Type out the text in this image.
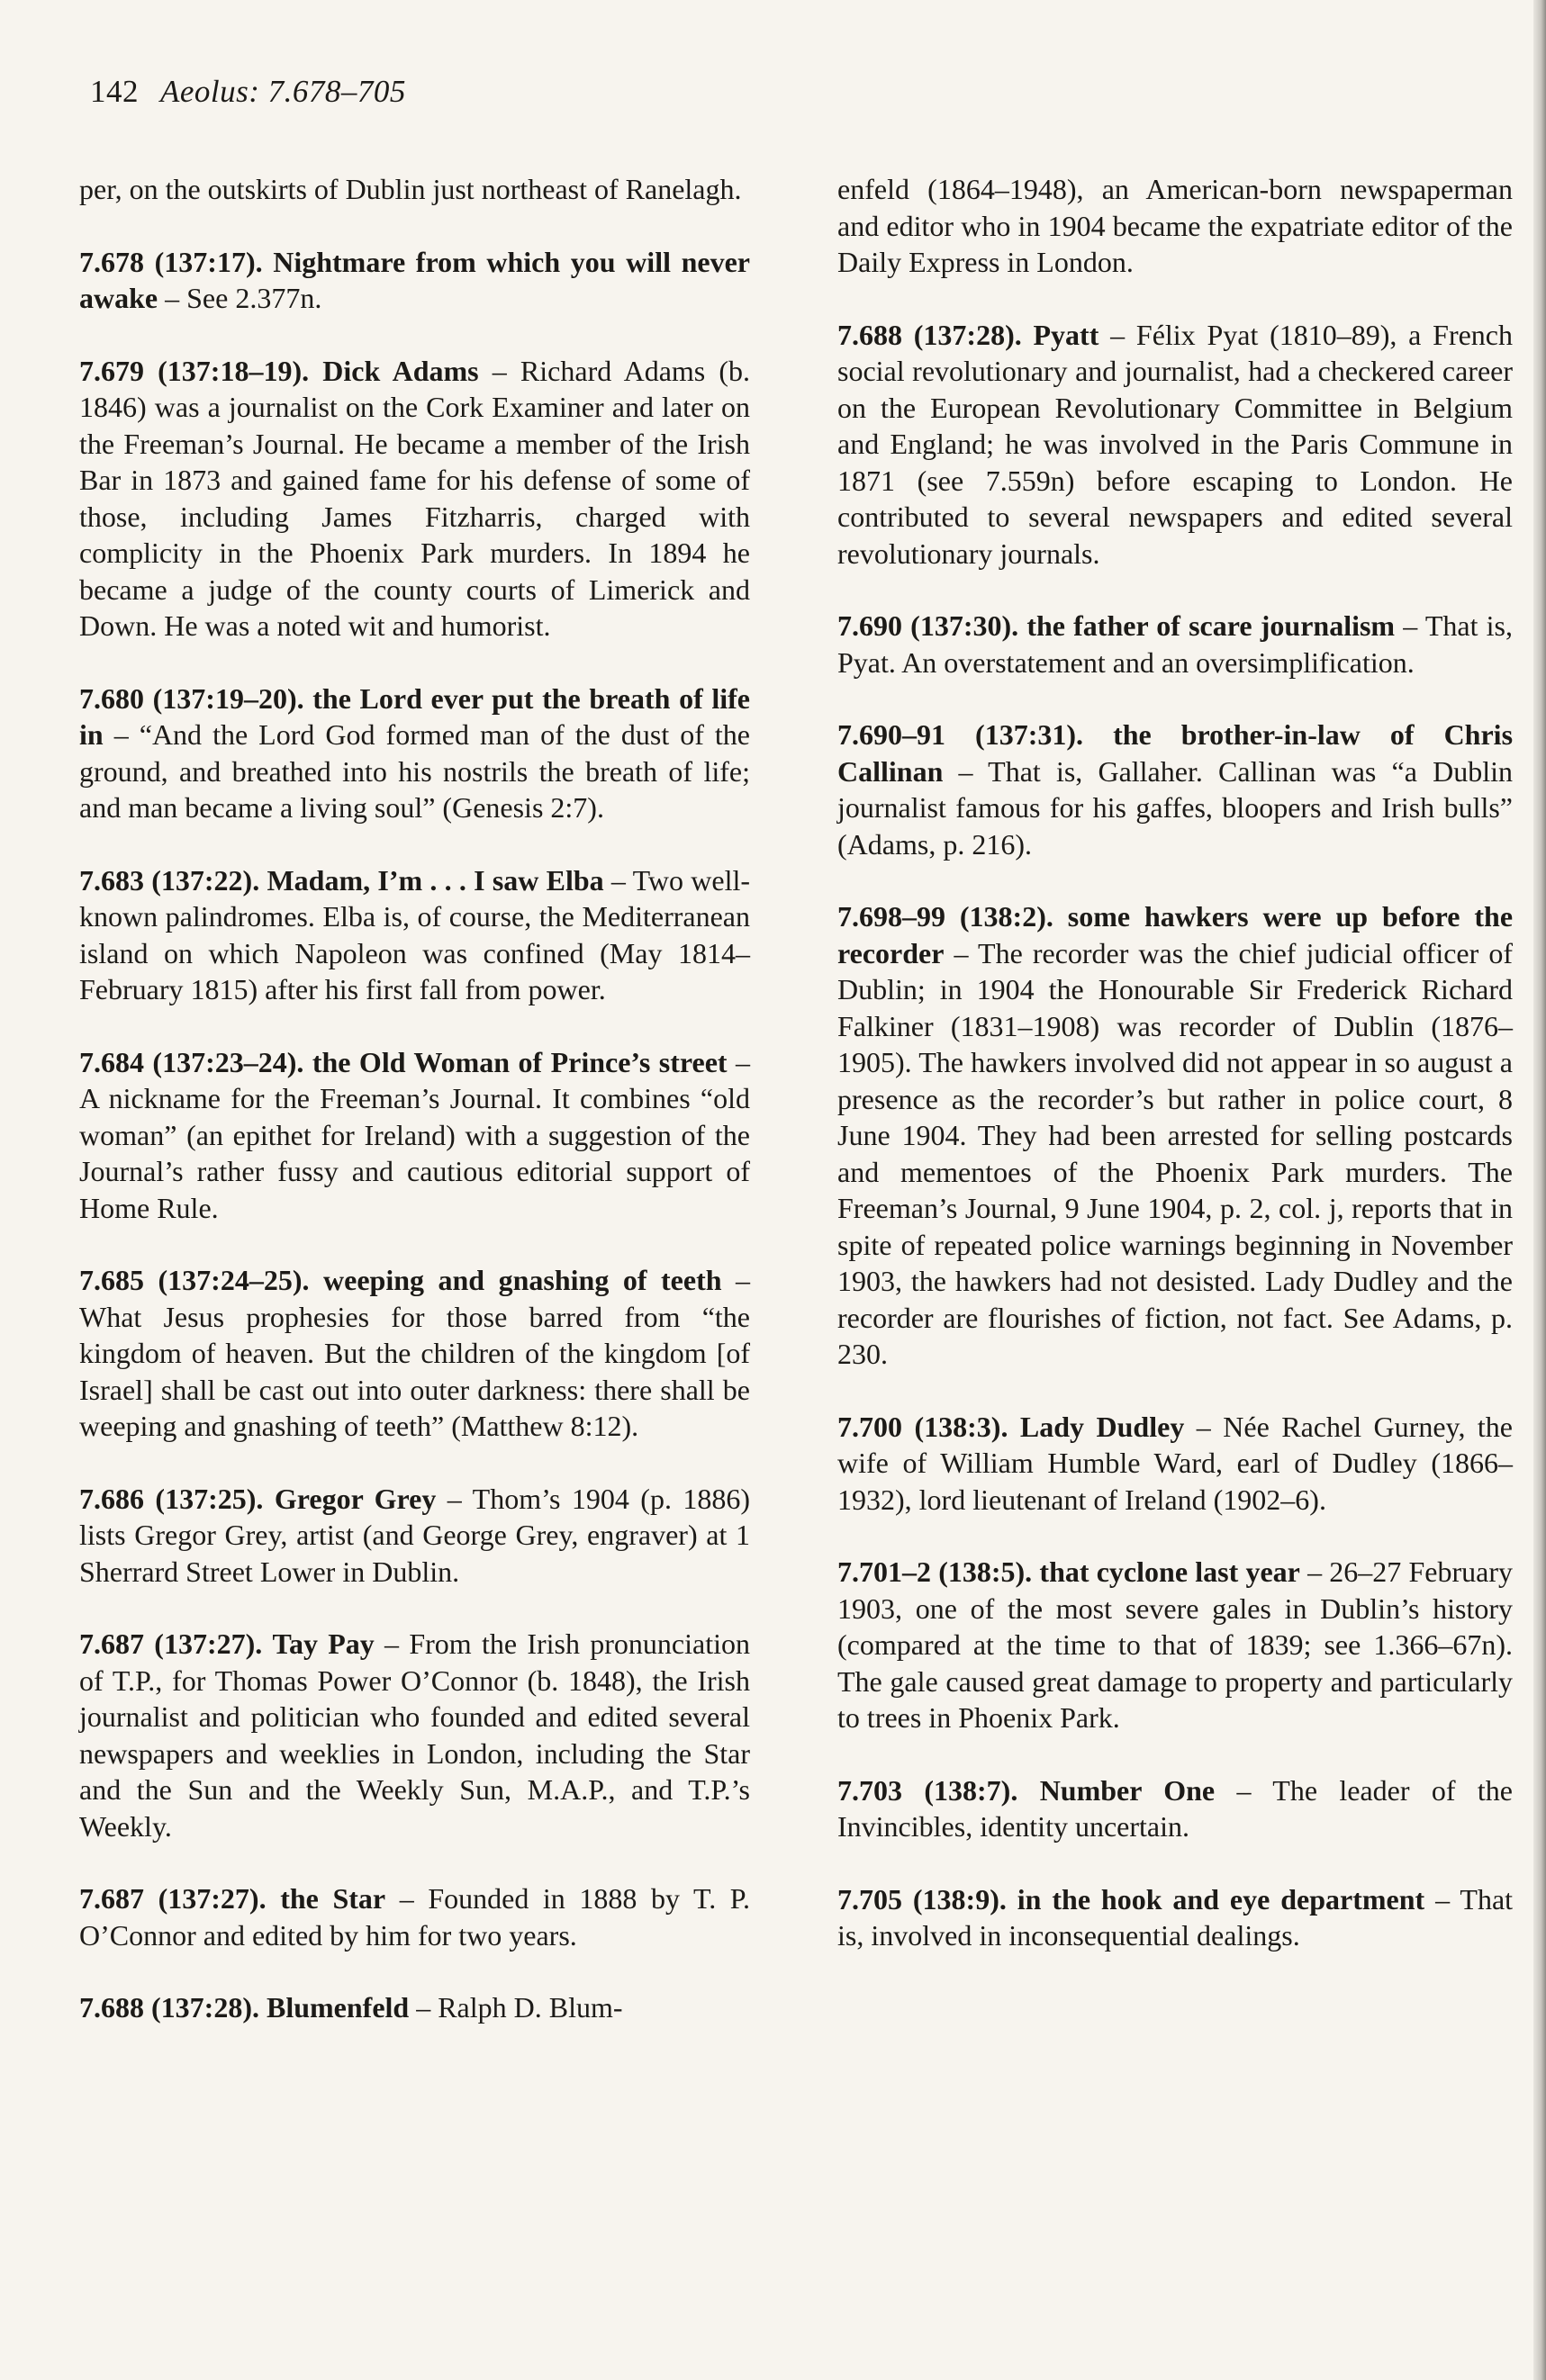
142 Aeolus: 7.678–705

per, on the outskirts of Dublin just northeast of Ranelagh.

7.678 (137:17). Nightmare from which you will never awake – See 2.377n.

7.679 (137:18–19). Dick Adams – Richard Adams (b. 1846) was a journalist on the Cork Examiner and later on the Freeman’s Journal. He became a member of the Irish Bar in 1873 and gained fame for his defense of some of those, including James Fitzharris, charged with complicity in the Phoenix Park murders. In 1894 he became a judge of the county courts of Limerick and Down. He was a noted wit and humorist.

7.680 (137:19–20). the Lord ever put the breath of life in – “And the Lord God formed man of the dust of the ground, and breathed into his nostrils the breath of life; and man became a living soul” (Genesis 2:7).

7.683 (137:22). Madam, I’m . . . I saw Elba – Two well-known palindromes. Elba is, of course, the Mediterranean island on which Napoleon was confined (May 1814–February 1815) after his first fall from power.

7.684 (137:23–24). the Old Woman of Prince’s street – A nickname for the Freeman’s Journal. It combines “old woman” (an epithet for Ireland) with a suggestion of the Journal’s rather fussy and cautious editorial support of Home Rule.

7.685 (137:24–25). weeping and gnashing of teeth – What Jesus prophesies for those barred from “the kingdom of heaven. But the children of the kingdom [of Israel] shall be cast out into outer darkness: there shall be weeping and gnashing of teeth” (Matthew 8:12).

7.686 (137:25). Gregor Grey – Thom’s 1904 (p. 1886) lists Gregor Grey, artist (and George Grey, engraver) at 1 Sherrard Street Lower in Dublin.

7.687 (137:27). Tay Pay – From the Irish pronunciation of T.P., for Thomas Power O’Connor (b. 1848), the Irish journalist and politician who founded and edited several newspapers and weeklies in London, including the Star and the Sun and the Weekly Sun, M.A.P., and T.P.’s Weekly.

7.687 (137:27). the Star – Founded in 1888 by T. P. O’Connor and edited by him for two years.

7.688 (137:28). Blumenfeld – Ralph D. Blum-

enfeld (1864–1948), an American-born newspaperman and editor who in 1904 became the expatriate editor of the Daily Express in London.

7.688 (137:28). Pyatt – Félix Pyat (1810–89), a French social revolutionary and journalist, had a checkered career on the European Revolutionary Committee in Belgium and England; he was involved in the Paris Commune in 1871 (see 7.559n) before escaping to London. He contributed to several newspapers and edited several revolutionary journals.

7.690 (137:30). the father of scare journalism – That is, Pyat. An overstatement and an oversimplification.

7.690–91 (137:31). the brother-in-law of Chris Callinan – That is, Gallaher. Callinan was “a Dublin journalist famous for his gaffes, bloopers and Irish bulls” (Adams, p. 216).

7.698–99 (138:2). some hawkers were up before the recorder – The recorder was the chief judicial officer of Dublin; in 1904 the Honourable Sir Frederick Richard Falkiner (1831–1908) was recorder of Dublin (1876–1905). The hawkers involved did not appear in so august a presence as the recorder’s but rather in police court, 8 June 1904. They had been arrested for selling postcards and mementoes of the Phoenix Park murders. The Freeman’s Journal, 9 June 1904, p. 2, col. j, reports that in spite of repeated police warnings beginning in November 1903, the hawkers had not desisted. Lady Dudley and the recorder are flourishes of fiction, not fact. See Adams, p. 230.

7.700 (138:3). Lady Dudley – Née Rachel Gurney, the wife of William Humble Ward, earl of Dudley (1866–1932), lord lieutenant of Ireland (1902–6).

7.701–2 (138:5). that cyclone last year – 26–27 February 1903, one of the most severe gales in Dublin’s history (compared at the time to that of 1839; see 1.366–67n). The gale caused great damage to property and particularly to trees in Phoenix Park.

7.703 (138:7). Number One – The leader of the Invincibles, identity uncertain.

7.705 (138:9). in the hook and eye department – That is, involved in inconsequential dealings.
